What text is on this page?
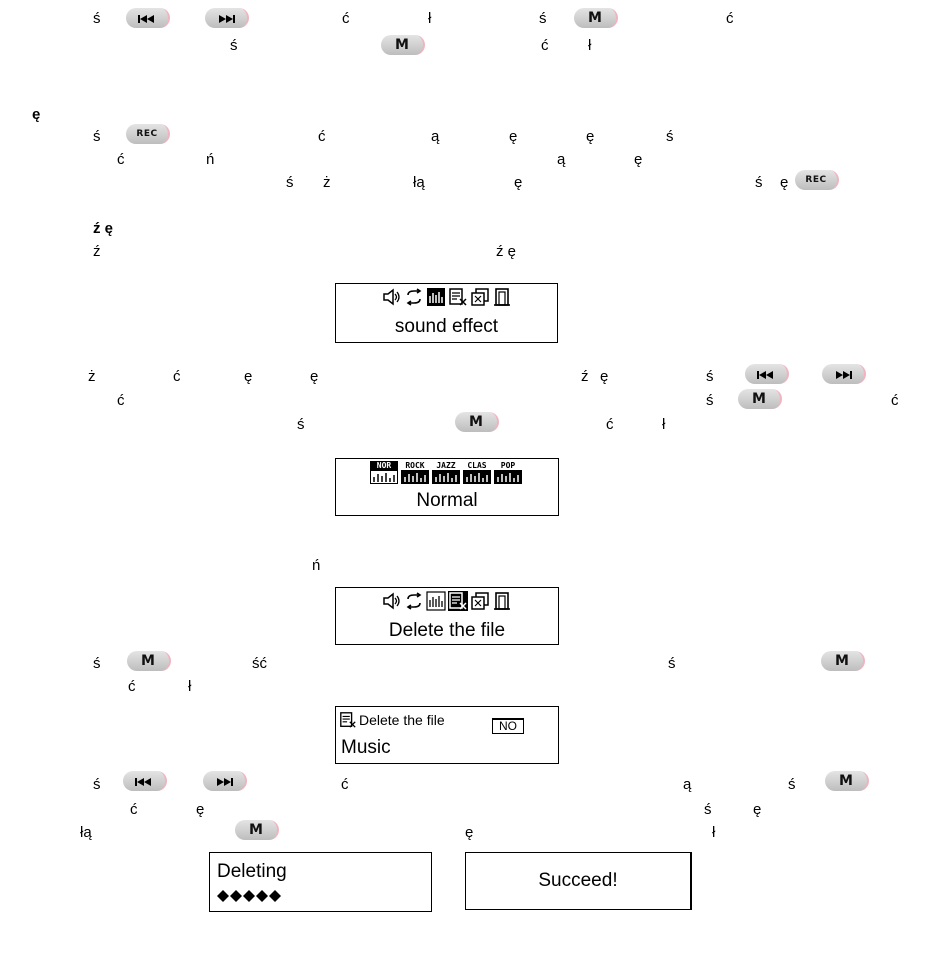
ś	ć	ł	ś	M	ć
ś	M	ć	ł
ę
ś	REC	ć	ą	ę	ę	ś
ć	ń	ą	ę
ś ż	łą	ę	ś ę	REC
ź ę
ź	ź ę
sound effect
ż	ć	ę	ę	ź ę	ś
ć	ś	M	ć
ś	M	ć	ł
NOR	ROCK	JAZZ	CLAS	POP
Normal
ń
Delete the file
ś	M	ść	ś	M
ć	ł
Delete the file	NO
Music
ś	ć	ą	ś	M
ć	ę	ś	ę
łą	M	ę	ł
Deleting	Succeed!
